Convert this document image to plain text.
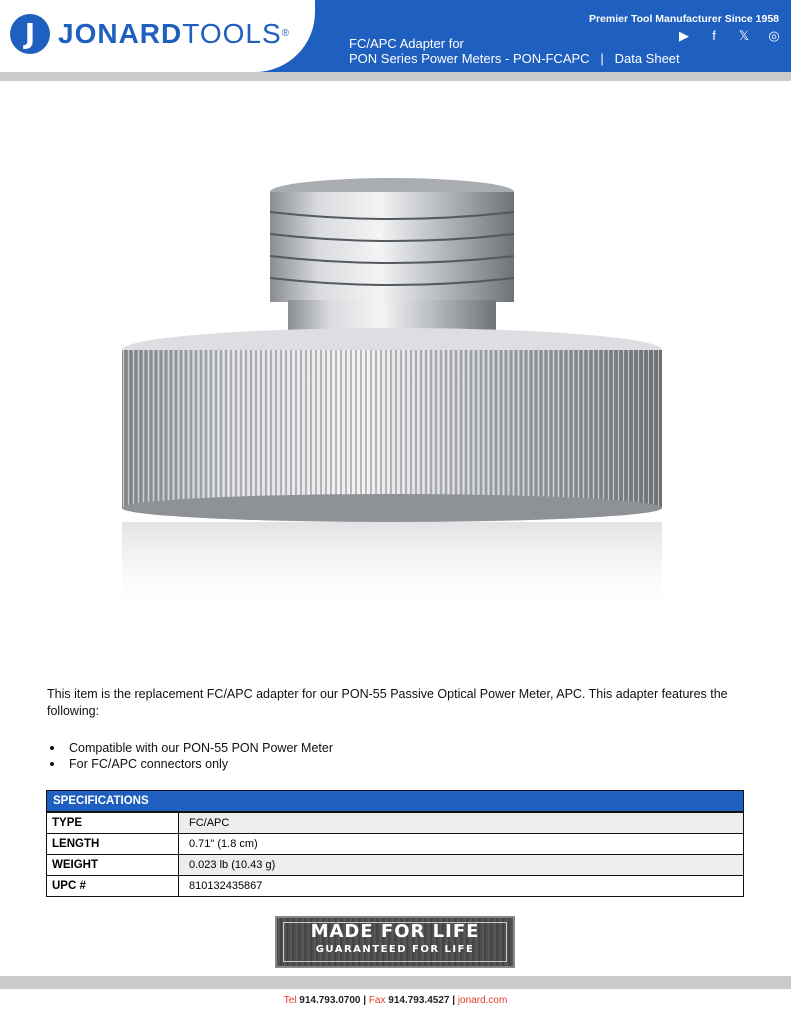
J JONARDTOOLS®
Premier Tool Manufacturer Since 1958
▶	f	𝕏 ◎
FC/APC Adapter for
PON Series Power Meters - PON-FCAPC   |   Data Sheet

This item is the replacement FC/APC adapter for our PON-55 Passive Optical Power Meter, APC. This adapter features the following:

Compatible with our PON-55 PON Power Meter
For FC/APC connectors only
SPECIFICATIONS
TYPE	FC/APC
LENGTH	0.71" (1.8 cm)
WEIGHT	0.023 lb (10.43 g)
UPC #	810132435867
MADE FOR LIFE
GUARANTEED FOR LIFE
Tel 914.793.0700 | Fax 914.793.4527 | jonard.com
